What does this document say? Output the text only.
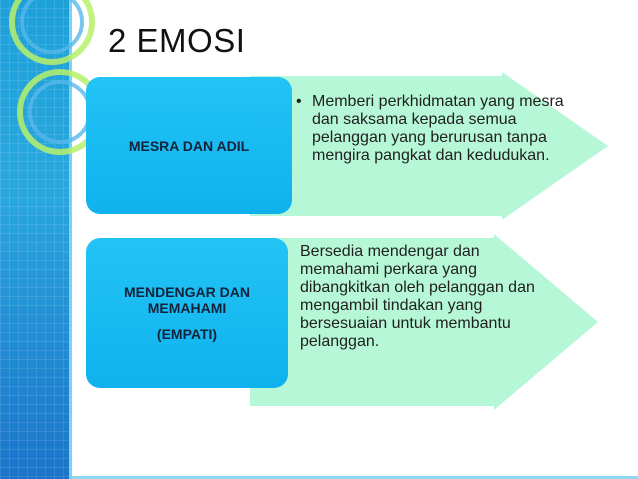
2 EMOSI
MESRA DAN ADIL
MENDENGAR DAN MEMAHAMI
(EMPATI)
• Memberi perkhidmatan yang mesra dan saksama kepada semua pelanggan yang berurusan tanpa mengira pangkat dan kedudukan.
Bersedia mendengar dan memahami perkara yang dibangkitkan oleh pelanggan dan mengambil tindakan yang bersesuaian untuk membantu pelanggan.
